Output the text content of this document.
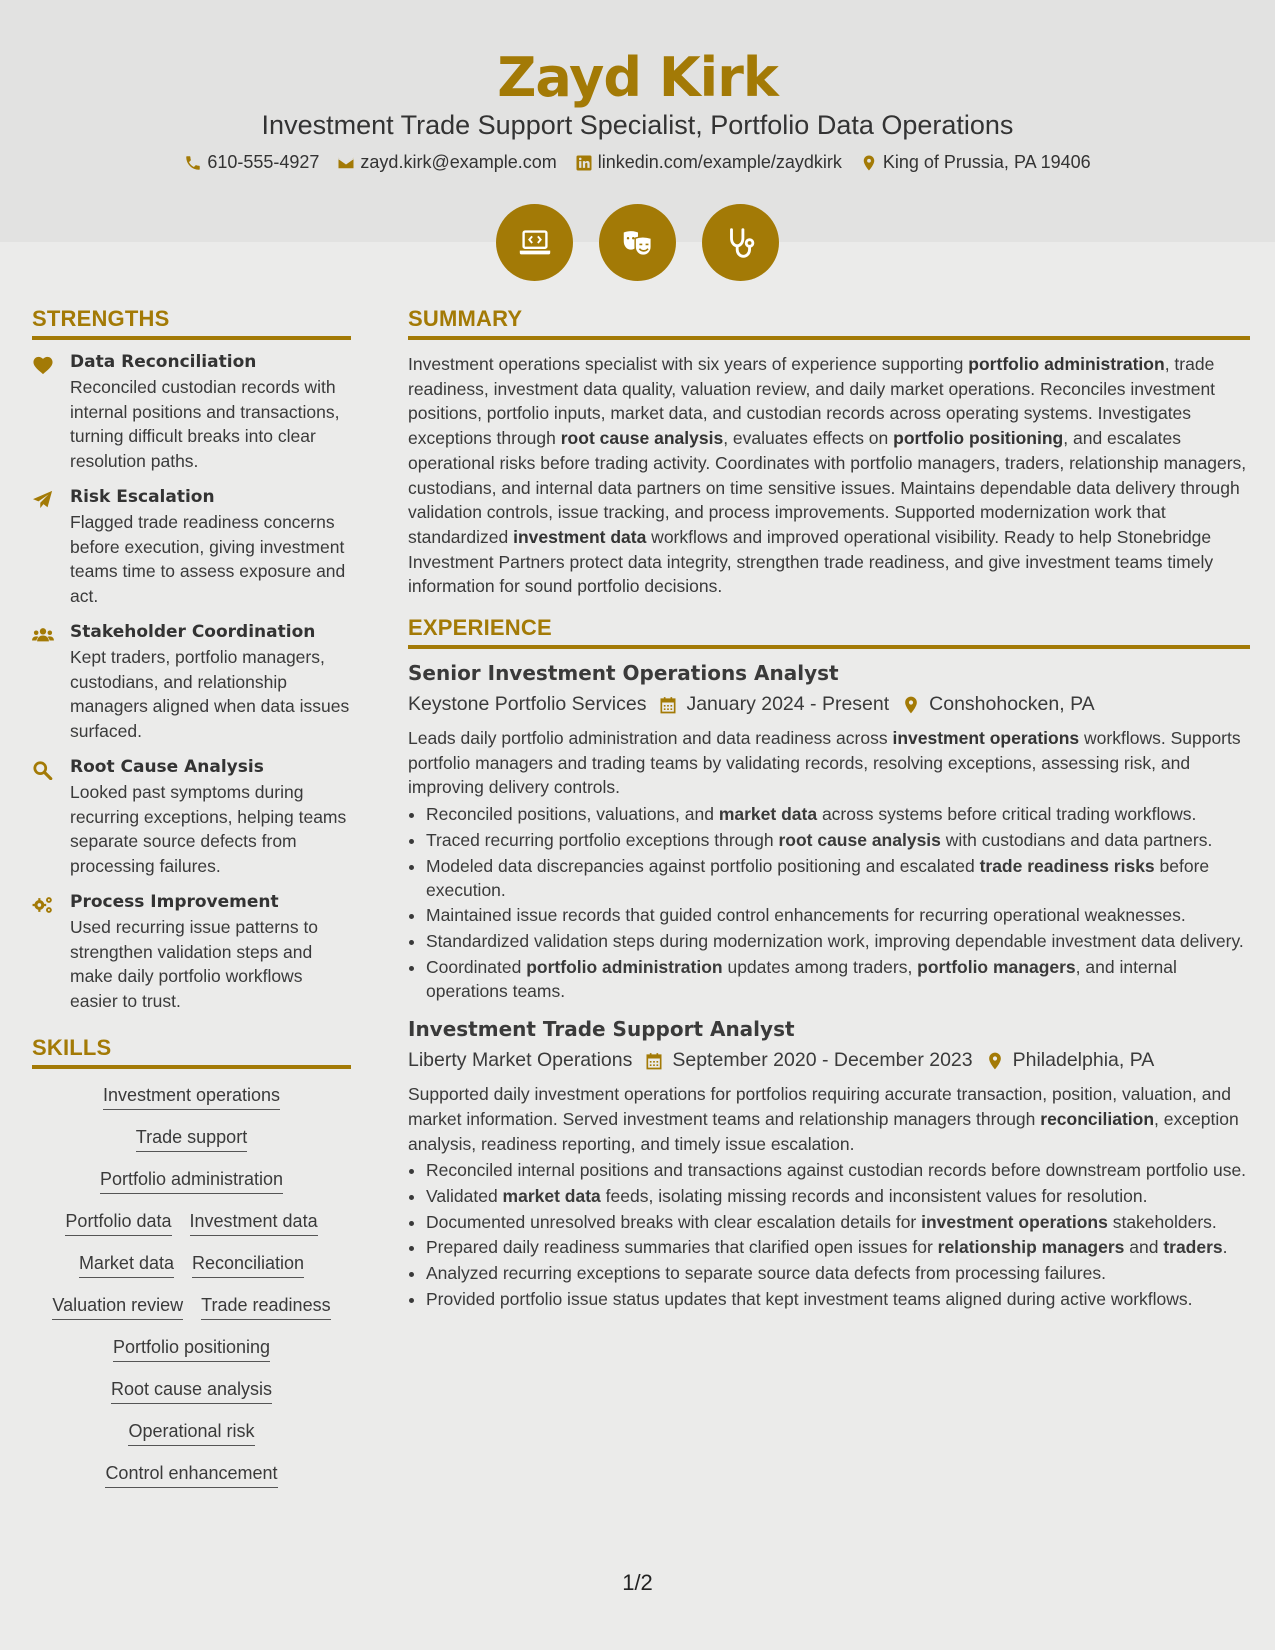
Zayd Kirk
Investment Trade Support Specialist, Portfolio Data Operations
610-555-4927 zayd.kirk@example.com linkedin.com/example/zaydkirk King of Prussia, PA 19406
STRENGTHS
Data Reconciliation
Reconciled custodian records with internal positions and transactions, turning difficult breaks into clear resolution paths.
Risk Escalation
Flagged trade readiness concerns before execution, giving investment teams time to assess exposure and act.
Stakeholder Coordination
Kept traders, portfolio managers, custodians, and relationship managers aligned when data issues surfaced.
Root Cause Analysis
Looked past symptoms during recurring exceptions, helping teams separate source defects from processing failures.
Process Improvement
Used recurring issue patterns to strengthen validation steps and make daily portfolio workflows easier to trust.
SKILLS
Investment operations
Trade support
Portfolio administration
Portfolio data Investment data
Market data Reconciliation
Valuation review Trade readiness
Portfolio positioning
Root cause analysis
Operational risk
Control enhancement
SUMMARY
Investment operations specialist with six years of experience supporting portfolio administration, trade readiness, investment data quality, valuation review, and daily market operations. Reconciles investment positions, portfolio inputs, market data, and custodian records across operating systems. Investigates exceptions through root cause analysis, evaluates effects on portfolio positioning, and escalates operational risks before trading activity. Coordinates with portfolio managers, traders, relationship managers, custodians, and internal data partners on time sensitive issues. Maintains dependable data delivery through validation controls, issue tracking, and process improvements. Supported modernization work that standardized investment data workflows and improved operational visibility. Ready to help Stonebridge Investment Partners protect data integrity, strengthen trade readiness, and give investment teams timely information for sound portfolio decisions.
EXPERIENCE
Senior Investment Operations Analyst
Keystone Portfolio Services January 2024 - Present Conshohocken, PA
Leads daily portfolio administration and data readiness across investment operations workflows. Supports portfolio managers and trading teams by validating records, resolving exceptions, assessing risk, and improving delivery controls.
• Reconciled positions, valuations, and market data across systems before critical trading workflows.
• Traced recurring portfolio exceptions through root cause analysis with custodians and data partners.
• Modeled data discrepancies against portfolio positioning and escalated trade readiness risks before execution.
• Maintained issue records that guided control enhancements for recurring operational weaknesses.
• Standardized validation steps during modernization work, improving dependable investment data delivery.
• Coordinated portfolio administration updates among traders, portfolio managers, and internal operations teams.
Investment Trade Support Analyst
Liberty Market Operations September 2020 - December 2023 Philadelphia, PA
Supported daily investment operations for portfolios requiring accurate transaction, position, valuation, and market information. Served investment teams and relationship managers through reconciliation, exception analysis, readiness reporting, and timely issue escalation.
• Reconciled internal positions and transactions against custodian records before downstream portfolio use.
• Validated market data feeds, isolating missing records and inconsistent values for resolution.
• Documented unresolved breaks with clear escalation details for investment operations stakeholders.
• Prepared daily readiness summaries that clarified open issues for relationship managers and traders.
• Analyzed recurring exceptions to separate source data defects from processing failures.
• Provided portfolio issue status updates that kept investment teams aligned during active workflows.
1/2
